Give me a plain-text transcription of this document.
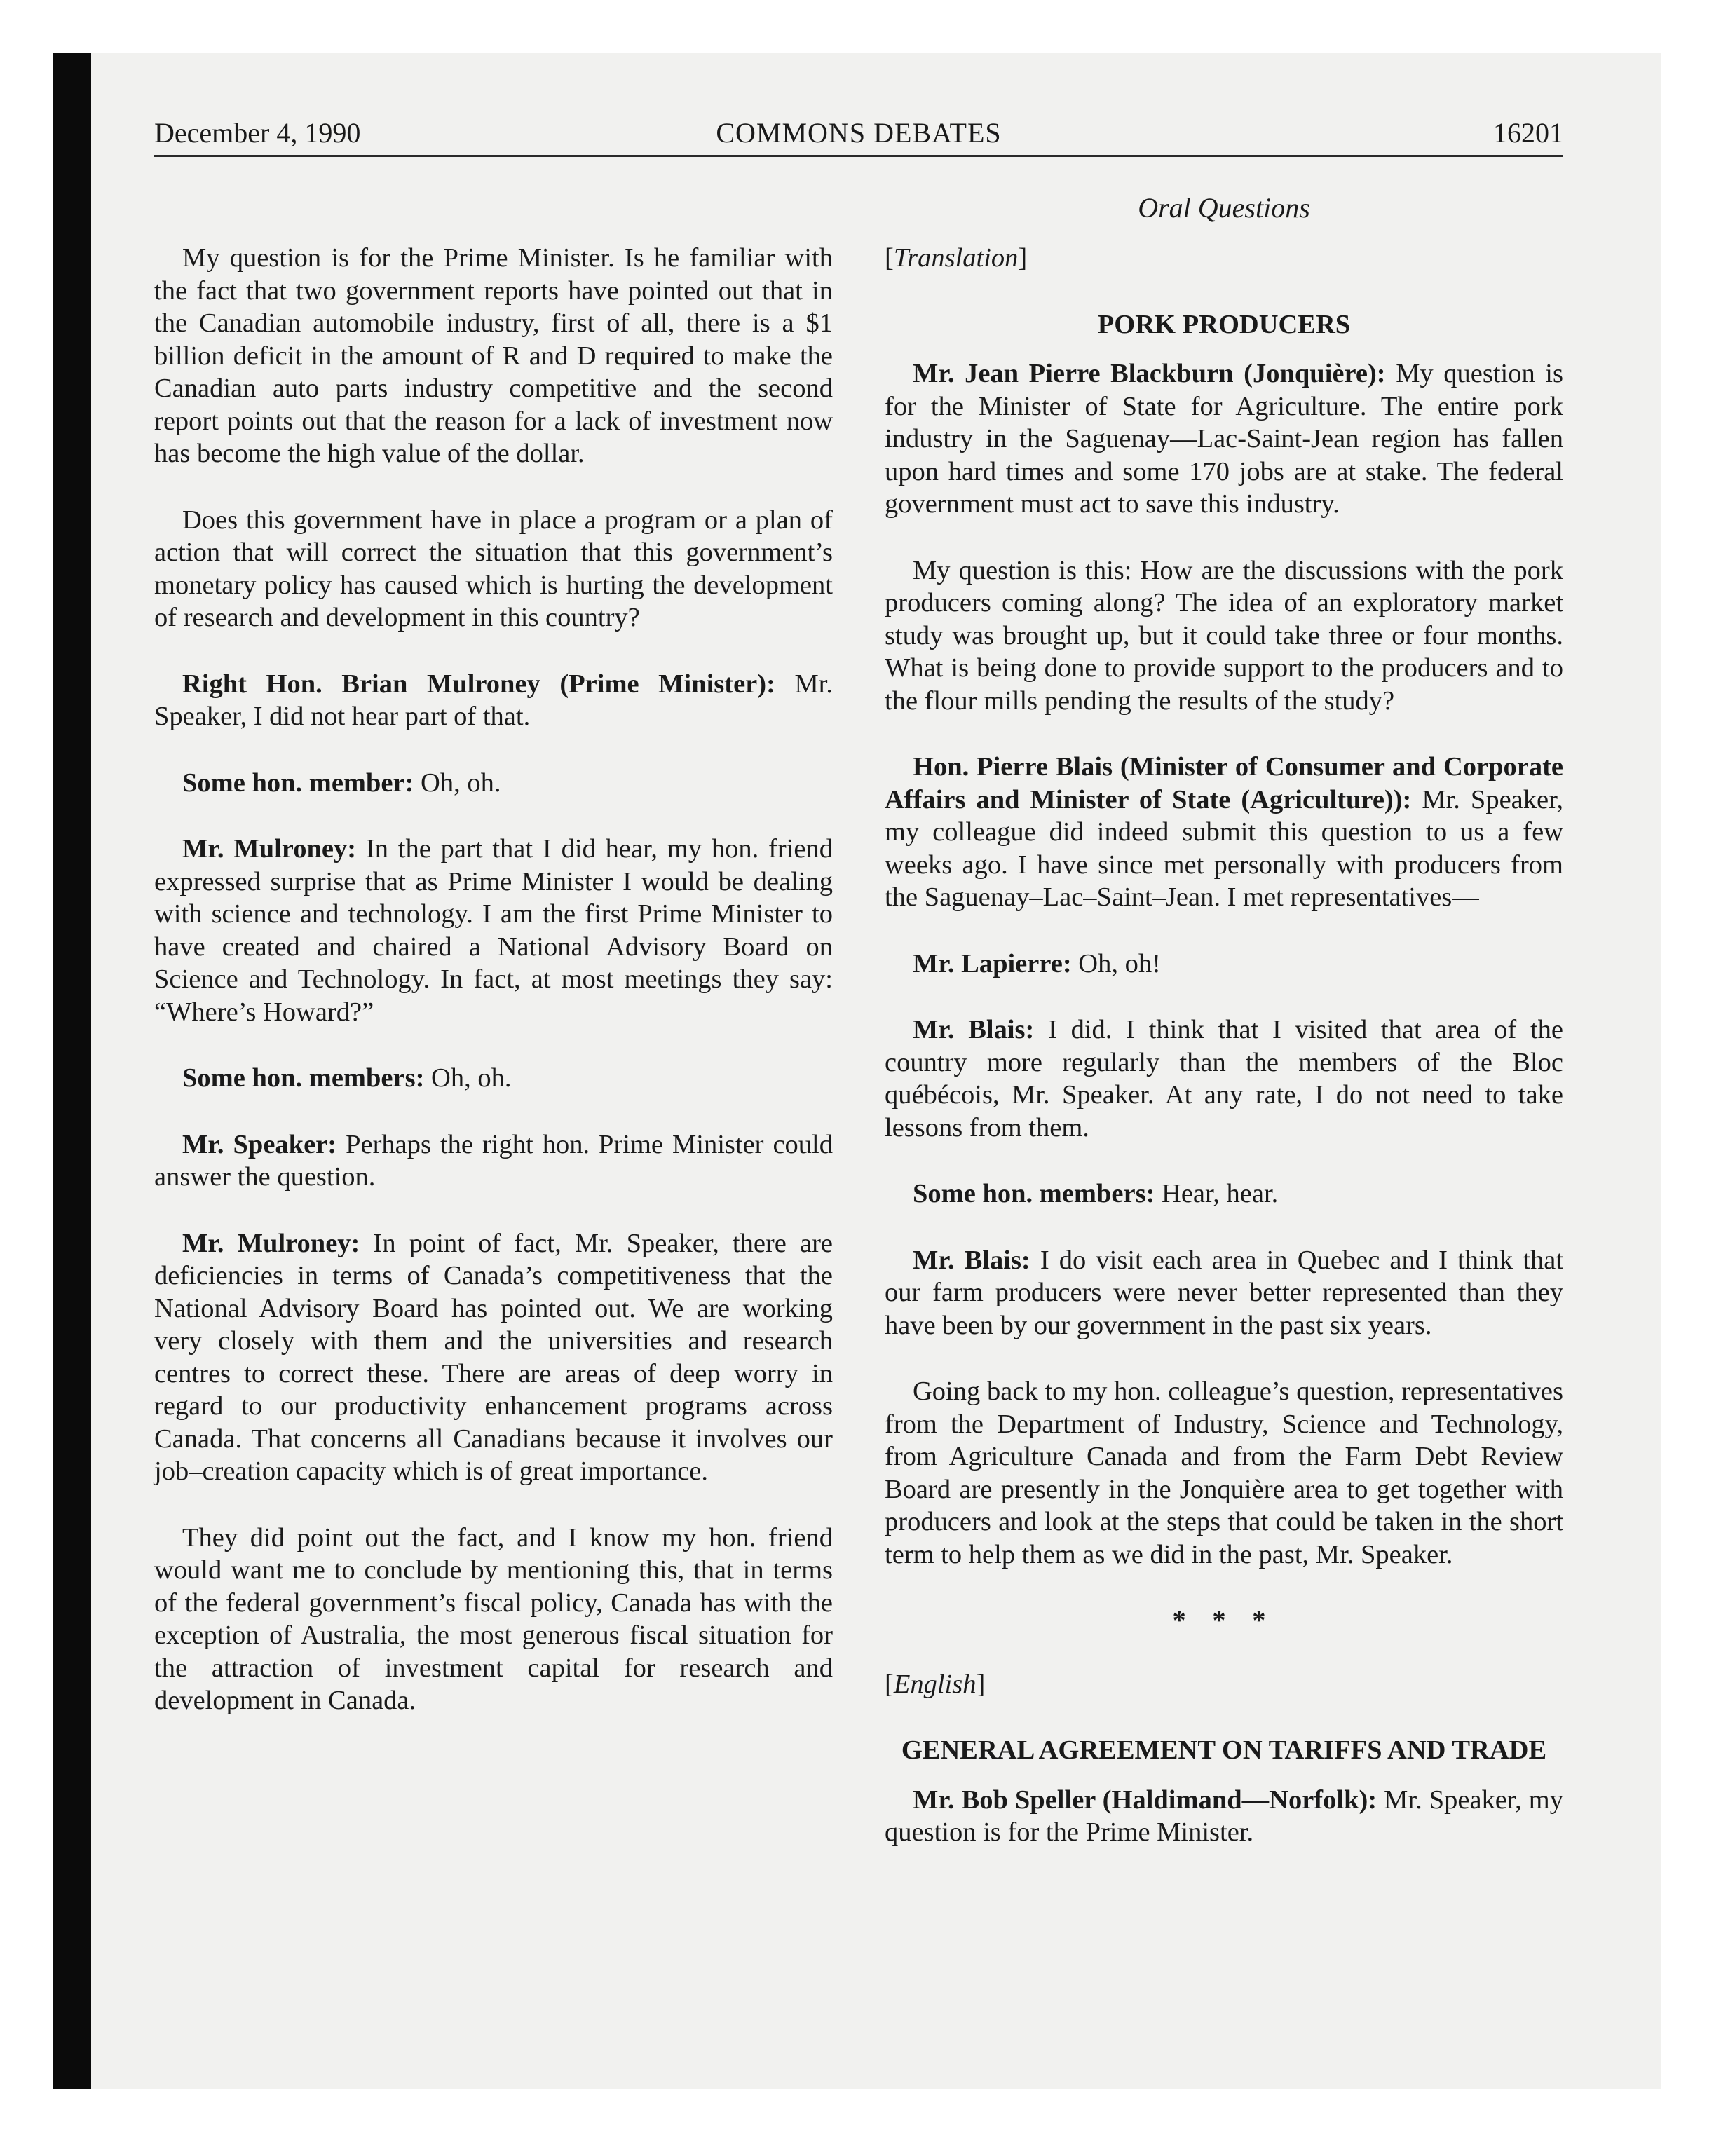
December 4, 1990	COMMONS DEBATES	16201
Oral Questions

My question is for the Prime Minister. Is he familiar with the fact that two government reports have pointed out that in the Canadian automobile industry, first of all, there is a $1 billion deficit in the amount of R and D required to make the Canadian auto parts industry competitive and the second report points out that the reason for a lack of investment now has become the high value of the dollar.

Does this government have in place a program or a plan of action that will correct the situation that this government’s monetary policy has caused which is hurting the development of research and development in this country?

Right Hon. Brian Mulroney (Prime Minister): Mr. Speaker, I did not hear part of that.

Some hon. member: Oh, oh.

Mr. Mulroney: In the part that I did hear, my hon. friend expressed surprise that as Prime Minister I would be dealing with science and technology. I am the first Prime Minister to have created and chaired a National Advisory Board on Science and Technology. In fact, at most meetings they say: “Where’s Howard?”

Some hon. members: Oh, oh.

Mr. Speaker: Perhaps the right hon. Prime Minister could answer the question.

Mr. Mulroney: In point of fact, Mr. Speaker, there are deficiencies in terms of Canada’s competitiveness that the National Advisory Board has pointed out. We are working very closely with them and the universities and research centres to correct these. There are areas of deep worry in regard to our productivity enhancement programs across Canada. That concerns all Canadians because it involves our job–creation capacity which is of great importance.

They did point out the fact, and I know my hon. friend would want me to conclude by mentioning this, that in terms of the federal government’s fiscal policy, Canada has with the exception of Australia, the most generous fiscal situation for the attraction of investment capital for research and development in Canada.

[Translation]
PORK PRODUCERS

Mr. Jean Pierre Blackburn (Jonquière): My question is for the Minister of State for Agriculture. The entire pork industry in the Saguenay—Lac-Saint-Jean region has fallen upon hard times and some 170 jobs are at stake. The federal government must act to save this industry.

My question is this: How are the discussions with the pork producers coming along? The idea of an exploratory market study was brought up, but it could take three or four months. What is being done to provide support to the producers and to the flour mills pending the results of the study?

Hon. Pierre Blais (Minister of Consumer and Corporate Affairs and Minister of State (Agriculture)): Mr. Speaker, my colleague did indeed submit this question to us a few weeks ago. I have since met personally with producers from the Saguenay–Lac–Saint–Jean. I met representatives—

Mr. Lapierre: Oh, oh!

Mr. Blais: I did. I think that I visited that area of the country more regularly than the members of the Bloc québécois, Mr. Speaker. At any rate, I do not need to take lessons from them.

Some hon. members: Hear, hear.

Mr. Blais: I do visit each area in Quebec and I think that our farm producers were never better represented than they have been by our government in the past six years.

Going back to my hon. colleague’s question, representatives from the Department of Industry, Science and Technology, from Agriculture Canada and from the Farm Debt Review Board are presently in the Jonquière area to get together with producers and look at the steps that could be taken in the short term to help them as we did in the past, Mr. Speaker.

* * *
[English]
GENERAL AGREEMENT ON TARIFFS AND TRADE

Mr. Bob Speller (Haldimand—Norfolk): Mr. Speaker, my question is for the Prime Minister.
